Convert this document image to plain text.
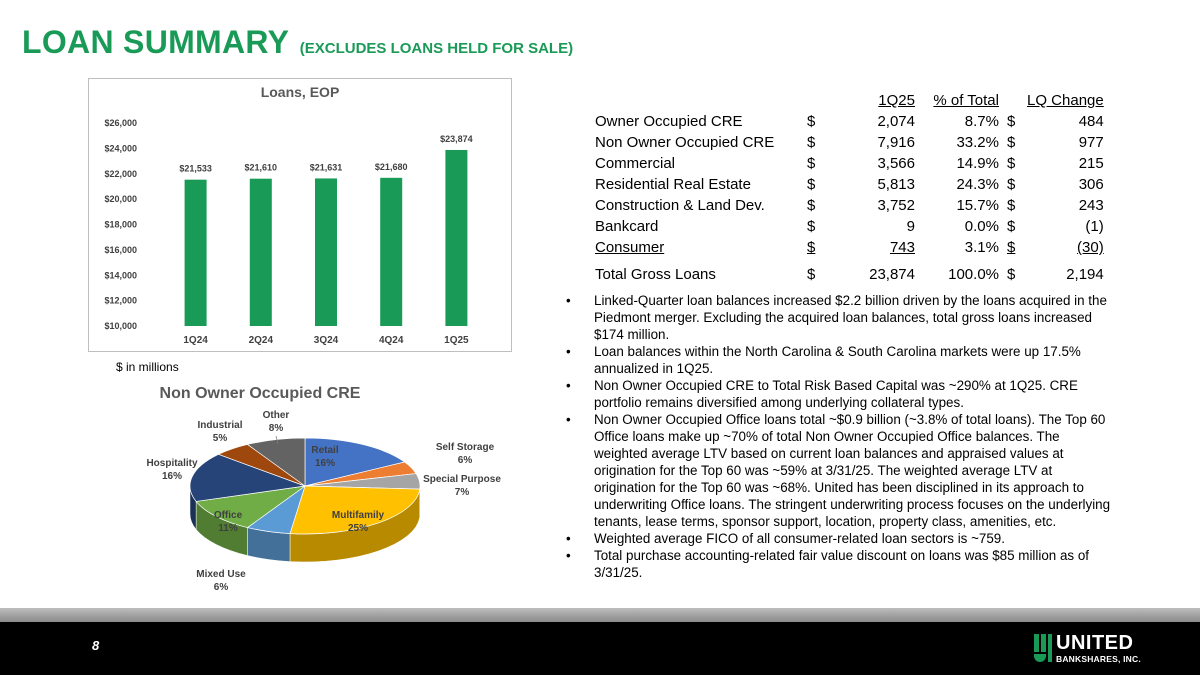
LOAN SUMMARY (EXCLUDES LOANS HELD FOR SALE)
Loans, EOP
$10,000
$12,000
$14,000
$16,000
$18,000
$20,000
$22,000
$24,000
$26,000
$21,533
1Q24
$21,610
2Q24
$21,631
3Q24
$21,680
4Q24
$23,874
1Q25
$ in millions
Non Owner Occupied CRE
Retail
16%
Self Storage
6%
Special Purpose
7%
Multifamily
25%
Mixed Use
6%
Office
11%
Hospitality
16%
Industrial
5%
Other
8%
		1Q25	% of Total		LQ Change
Owner Occupied CRE	$	2,074	8.7%	$	484
Non Owner Occupied CRE	$	7,916	33.2%	$	977
Commercial	$	3,566	14.9%	$	215
Residential Real Estate	$	5,813	24.3%	$	306
Construction & Land Dev.	$	3,752	15.7%	$	243
Bankcard	$	9	0.0%	$	(1)
Consumer	$	743	3.1%	$	(30)
Total Gross Loans	$	23,874	100.0%	$	2,194
• Linked-Quarter loan balances increased $2.2 billion driven by the loans acquired in the Piedmont merger. Excluding the acquired loan balances, total gross loans increased $174 million.
• Loan balances within the North Carolina & South Carolina markets were up 17.5% annualized in 1Q25.
• Non Owner Occupied CRE to Total Risk Based Capital was ~290% at 1Q25. CRE portfolio remains diversified among underlying collateral types.
• Non Owner Occupied Office loans total ~$0.9 billion (~3.8% of total loans). The Top 60 Office loans make up ~70% of total Non Owner Occupied Office balances. The weighted average LTV based on current loan balances and appraised values at origination for the Top 60 was ~59% at 3/31/25. The weighted average LTV at origination for the Top 60 was ~68%. United has been disciplined in its approach to underwriting Office loans. The stringent underwriting process focuses on the underlying tenants, lease terms, sponsor support, location, property class, amenities, etc.
• Weighted average FICO of all consumer-related loan sectors is ~759.
• Total purchase accounting-related fair value discount on loans was $85 million as of 3/31/25.
8	UNITED
BANKSHARES, INC.
